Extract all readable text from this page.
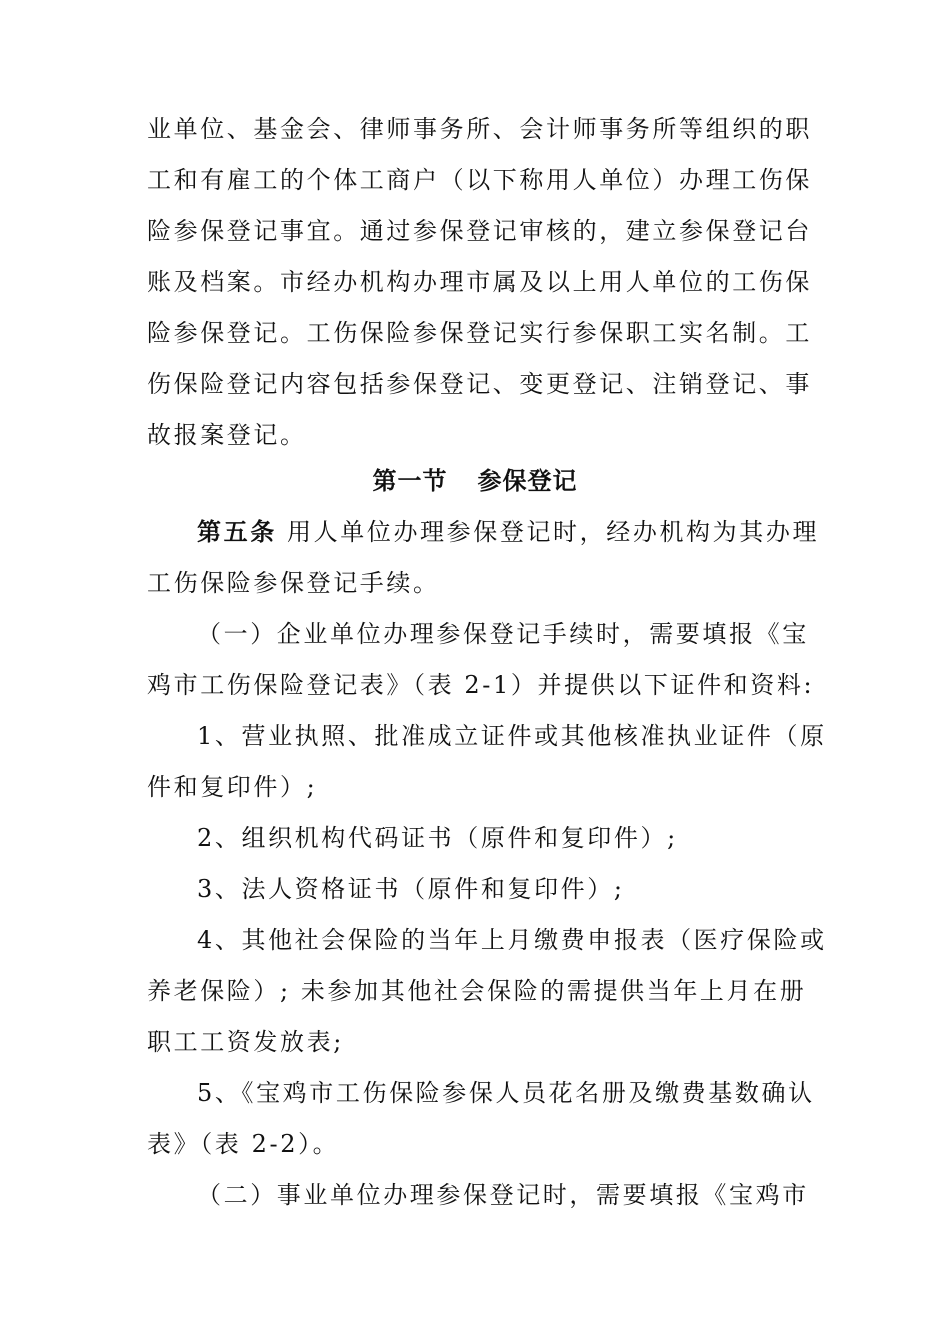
业单位、基金会、律师事务所、会计师事务所等组织的职

工和有雇工的个体工商户（以下称用人单位）办理工伤保

险参保登记事宜。通过参保登记审核的，建立参保登记台

账及档案。市经办机构办理市属及以上用人单位的工伤保

险参保登记。工伤保险参保登记实行参保职工实名制。工

伤保险登记内容包括参保登记、变更登记、注销登记、事

故报案登记。

第一节 参保登记

第五条 用人单位办理参保登记时，经办机构为其办理

工伤保险参保登记手续。

（一）企业单位办理参保登记手续时，需要填报《宝

鸡市工伤保险登记表》（表 2-1）并提供以下证件和资料:

1、营业执照、批准成立证件或其他核准执业证件（原

件和复印件）;

2、组织机构代码证书（原件和复印件）;

3、法人资格证书（原件和复印件）;

4、其他社会保险的当年上月缴费申报表（医疗保险或

养老保险）; 未参加其他社会保险的需提供当年上月在册

职工工资发放表;

5、《宝鸡市工伤保险参保人员花名册及缴费基数确认

表》（表 2-2）。

（二）事业单位办理参保登记时，需要填报《宝鸡市
